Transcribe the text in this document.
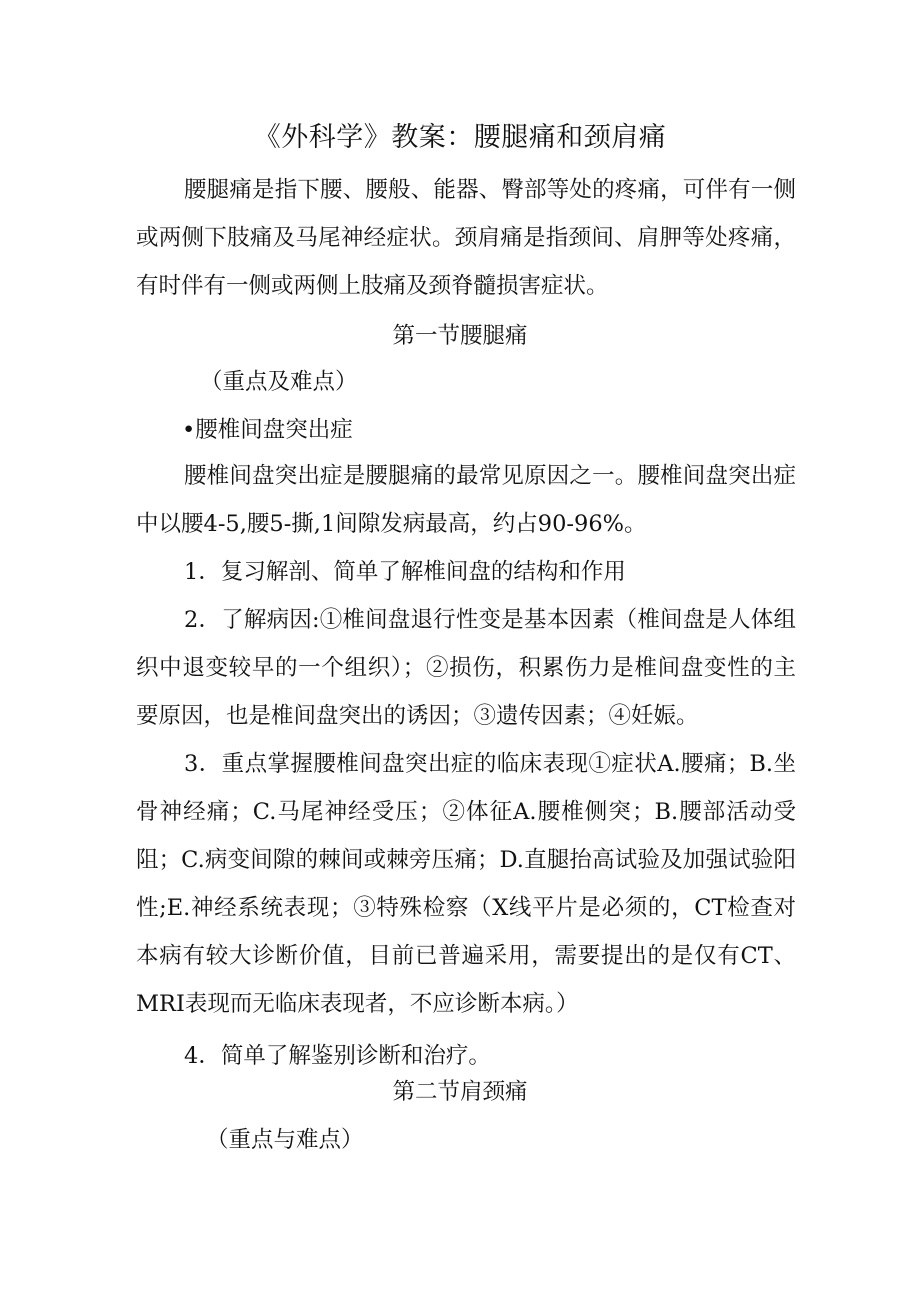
《外科学》教案：腰腿痛和颈肩痛

腰腿痛是指下腰、腰般、能器、臀部等处的疼痛，可伴有一侧或两侧下肢痛及马尾神经症状。颈肩痛是指颈间、肩胛等处疼痛，有时伴有一侧或两侧上肢痛及颈脊髓损害症状。

第一节腰腿痛

（重点及难点）

•腰椎间盘突出症

腰椎间盘突出症是腰腿痛的最常见原因之一。腰椎间盘突出症中以腰4-5,腰5-撕,1间隙发病最高，约占90-96%。

1．复习解剖、简单了解椎间盘的结构和作用

2．了解病因:①椎间盘退行性变是基本因素（椎间盘是人体组织中退变较早的一个组织）；②损伤，积累伤力是椎间盘变性的主要原因，也是椎间盘突出的诱因；③遗传因素；④妊娠。

3．重点掌握腰椎间盘突出症的临床表现①症状A.腰痛；B.坐骨神经痛；C.马尾神经受压；②体征A.腰椎侧突；B.腰部活动受阻；C.病变间隙的棘间或棘旁压痛；D.直腿抬高试验及加强试验阳性;E.神经系统表现；③特殊检察（X线平片是必须的，CT检查对本病有较大诊断价值，目前已普遍采用，需要提出的是仅有CT、MRI表现而无临床表现者，不应诊断本病。）

4．简单了解鉴别诊断和治疗。

第二节肩颈痛

（重点与难点）
